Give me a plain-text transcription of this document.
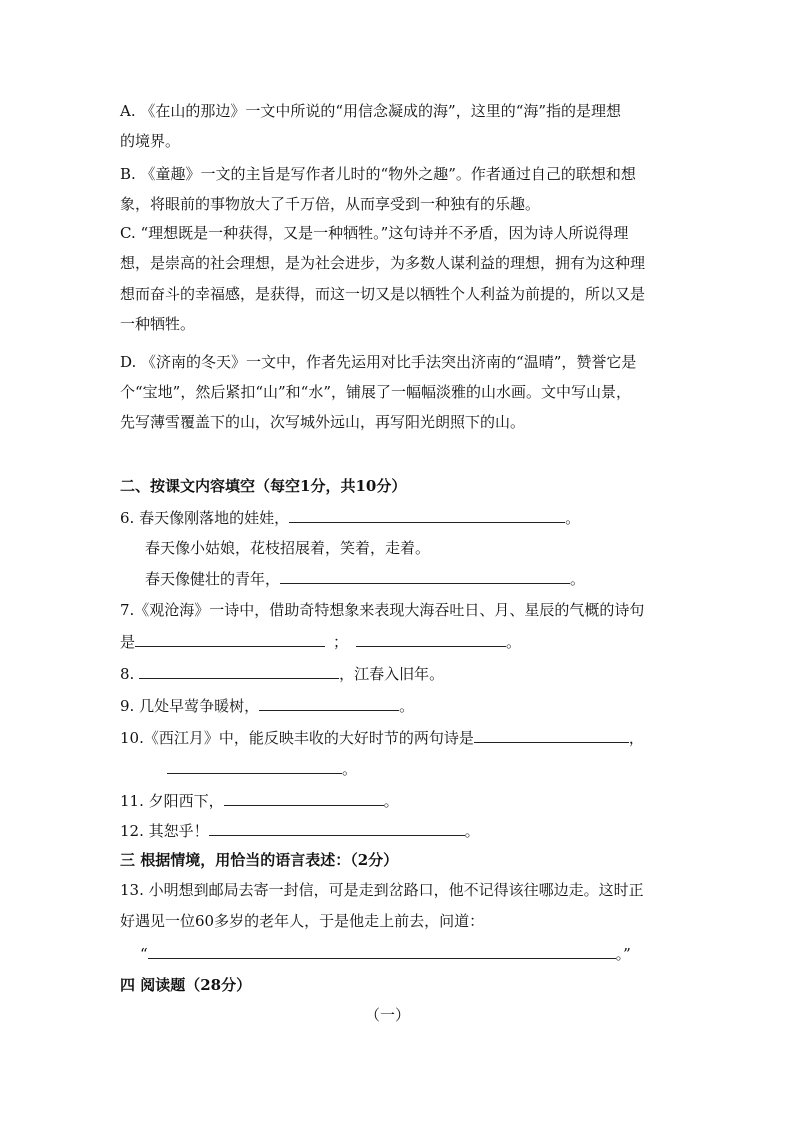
A. 《在山的那边》一文中所说的“用信念凝成的海”，这里的“海”指的是理想
的境界。
B. 《童趣》一文的主旨是写作者儿时的“物外之趣”。作者通过自己的联想和想
象，将眼前的事物放大了千万倍，从而享受到一种独有的乐趣。
C. “理想既是一种获得，又是一种牺牲。”这句诗并不矛盾，因为诗人所说得理
想，是崇高的社会理想，是为社会进步，为多数人谋利益的理想，拥有为这种理
想而奋斗的幸福感，是获得，而这一切又是以牺牲个人利益为前提的，所以又是
一种牺牲。
D. 《济南的冬天》一文中，作者先运用对比手法突出济南的“温晴”，赞誉它是
个“宝地”，然后紧扣“山”和“水”，铺展了一幅幅淡雅的山水画。文中写山景，
先写薄雪覆盖下的山，次写城外远山，再写阳光朗照下的山。
二、按课文内容填空（每空1分，共10分）
6. 春天像刚落地的娃娃，	。
春天像小姑娘，花枝招展着，笑着，走着。
春天像健壮的青年，	。
7.《观沧海》一诗中，借助奇特想象来表现大海吞吐日、月、星辰的气概的诗句
是	；	。
8.	，江春入旧年。
9. 几处早莺争暖树，	。
10.《西江月》中，能反映丰收的大好时节的两句诗是	，
。
11. 夕阳西下，	。
12. 其恕乎！	。
三 根据情境，用恰当的语言表述：（2分）
13. 小明想到邮局去寄一封信，可是走到岔路口，他不记得该往哪边走。这时正
好遇见一位60多岁的老年人，于是他走上前去，问道：
“	。”
四 阅读题（28分）
（一）
